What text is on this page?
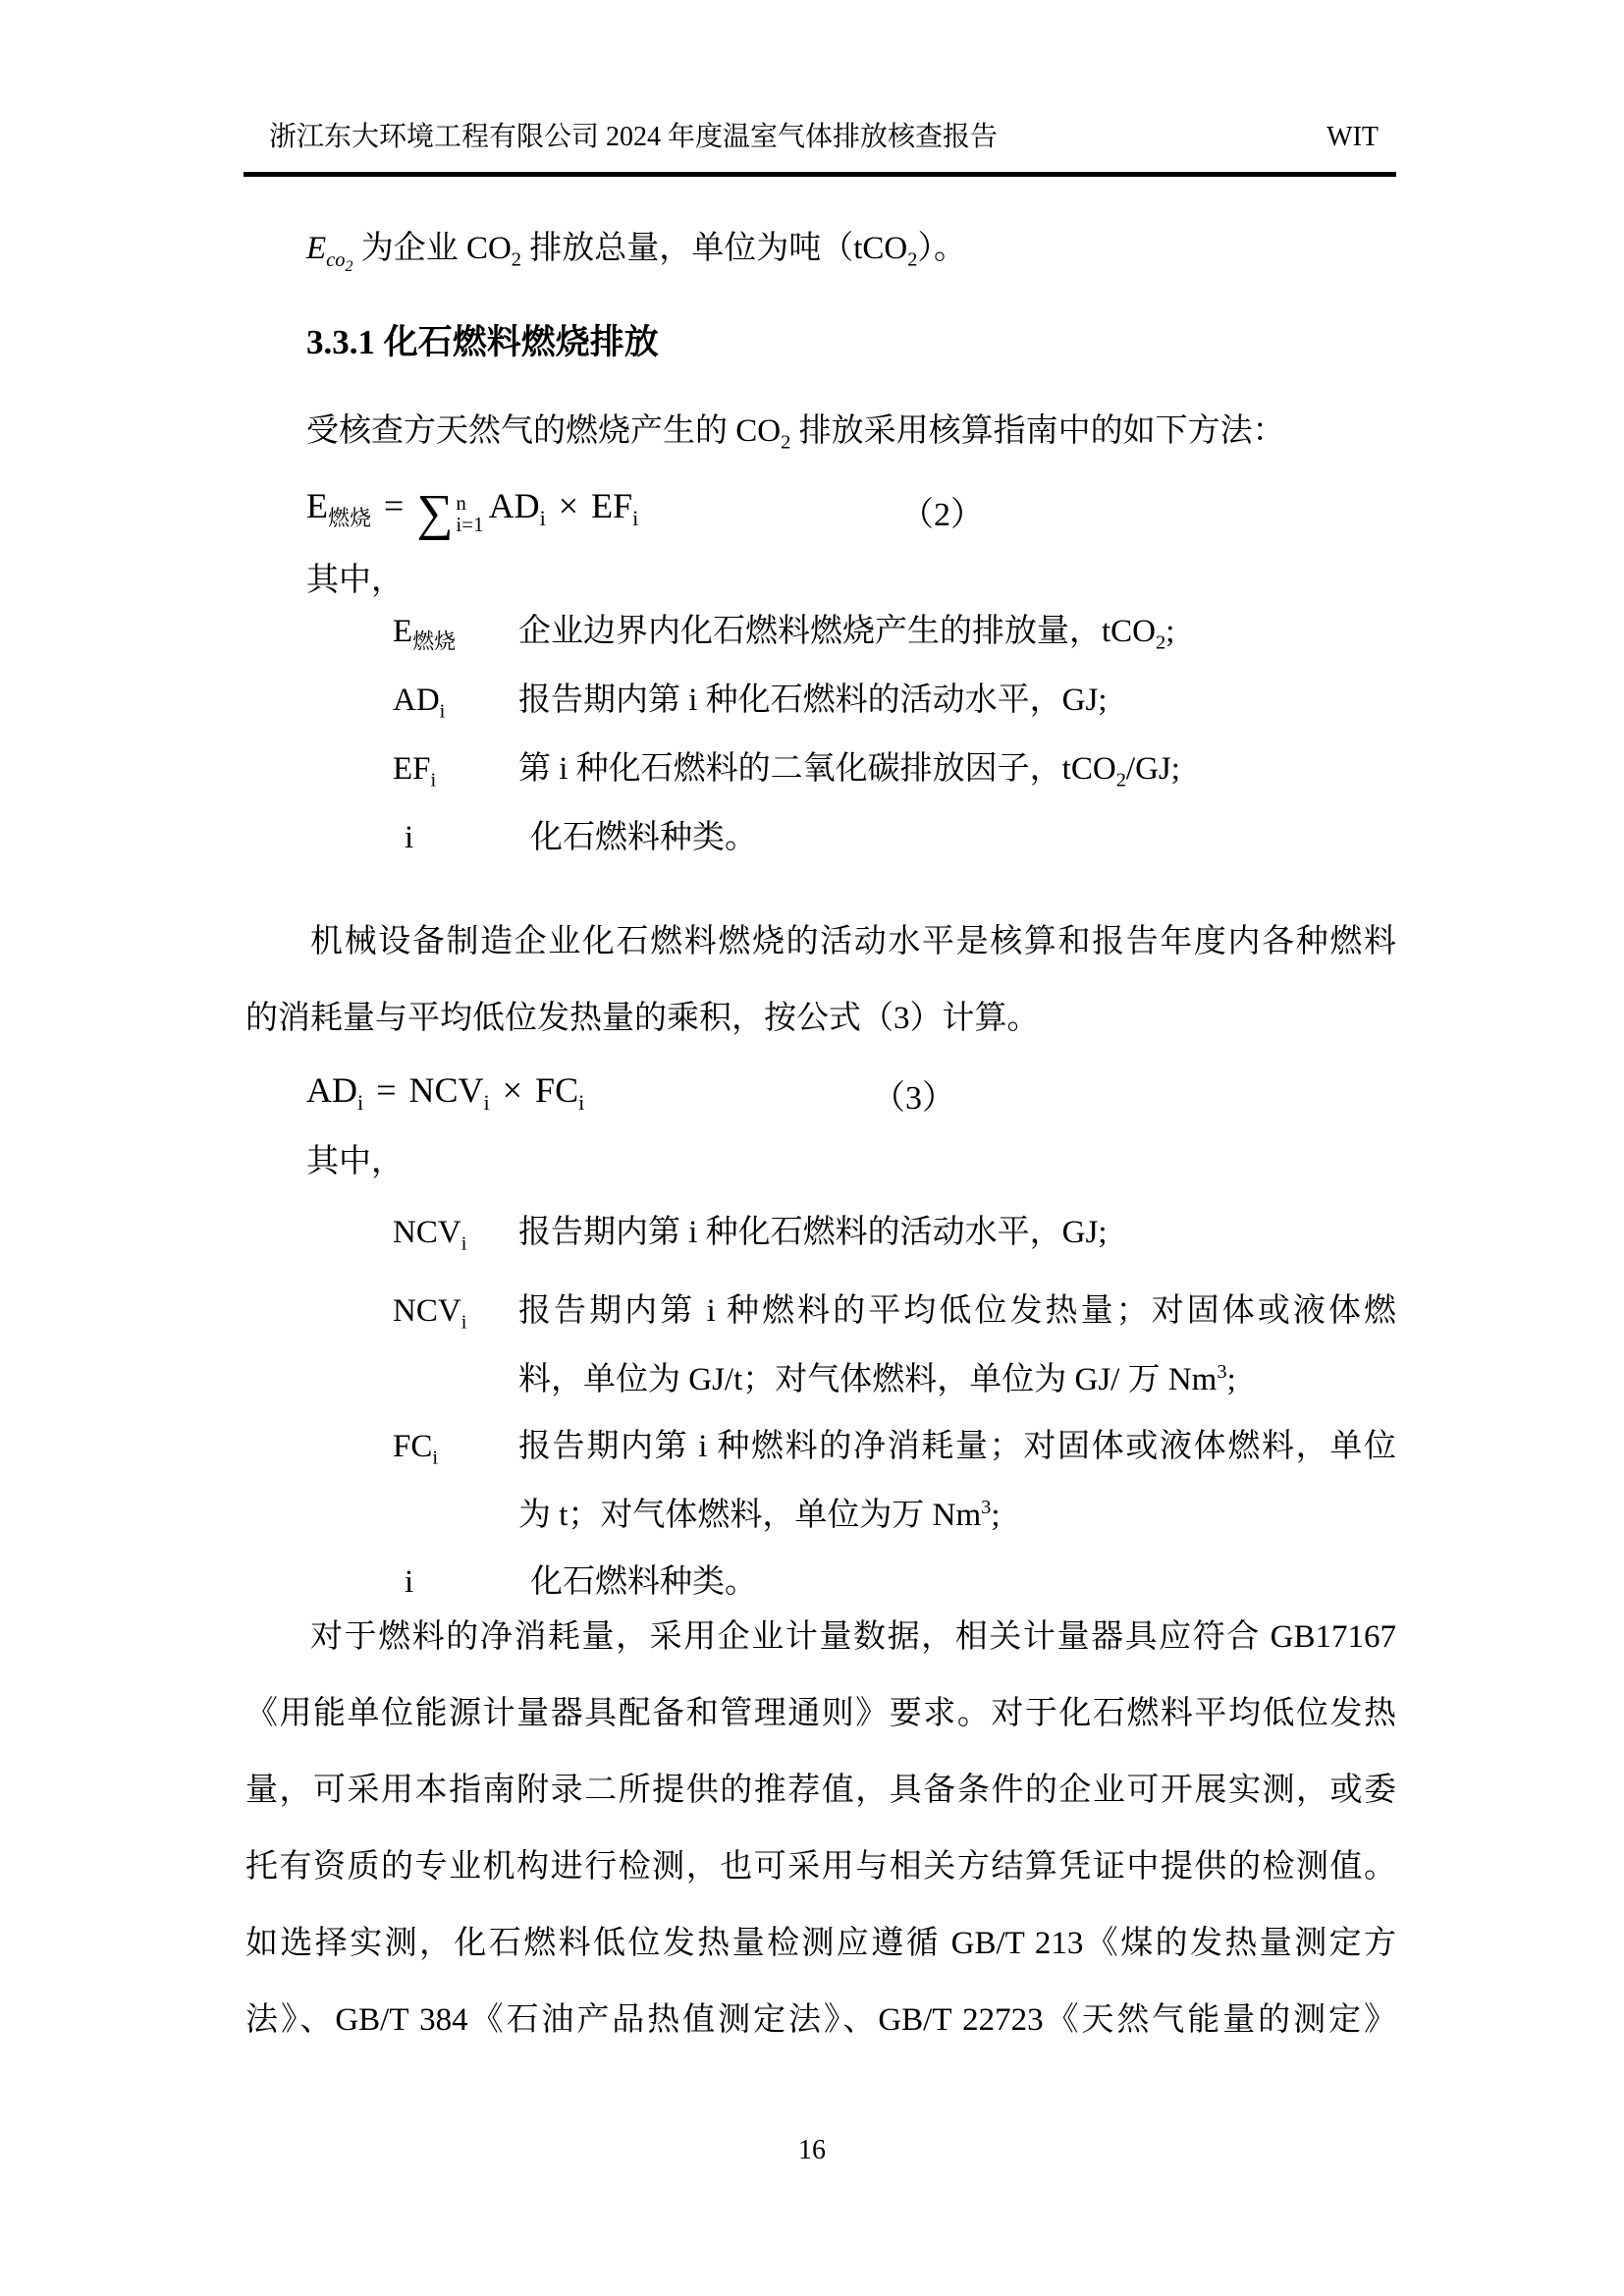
浙江东大环境工程有限公司 2024 年度温室气体排放核查报告	WIT
$E_{co_2}$ 为企业 $CO_2$ 排放总量，单位为吨（tCO$_2$）。
3.3.1 化石燃料燃烧排放
受核查方天然气的燃烧产生的 $CO_2$ 排放采用核算指南中的如下方法：
$E_{燃烧}$ = ∑ n
i=1 $AD_i \times EF_i$	（2）
其中，
$E_{燃烧}$	企业边界内化石燃料燃烧产生的排放量，tCO$_2$;
$AD_i$	报告期内第 i 种化石燃料的活动水平，GJ;
$EF_i$	第 i 种化石燃料的二氧化碳排放因子，tCO$_2$/GJ;
i	化石燃料种类。
机械设备制造企业化石燃料燃烧的活动水平是核算和报告年度内各种燃料
的消耗量与平均低位发热量的乘积，按公式（3）计算。
$AD_i = NCV_i \times FC_i$	（3）
其中，
$NCV_i$	报告期内第 i 种化石燃料的活动水平，GJ;
$NCV_i$	报告期内第 i 种燃料的平均低位发热量；对固体或液体燃
料，单位为 GJ/t；对气体燃料，单位为 GJ/ 万 Nm$^3$;
$FC_i$	报告期内第 i 种燃料的净消耗量；对固体或液体燃料，单位
为 t；对气体燃料，单位为万 Nm$^3$;
i	化石燃料种类。
对于燃料的净消耗量，采用企业计量数据，相关计量器具应符合 GB17167
《用能单位能源计量器具配备和管理通则》要求。对于化石燃料平均低位发热
量，可采用本指南附录二所提供的推荐值，具备条件的企业可开展实测，或委
托有资质的专业机构进行检测，也可采用与相关方结算凭证中提供的检测值。
如选择实测，化石燃料低位发热量检测应遵循 GB/T 213《煤的发热量测定方
法》、GB/T 384《石油产品热值测定法》、GB/T 22723《天然气能量的测定》
16
